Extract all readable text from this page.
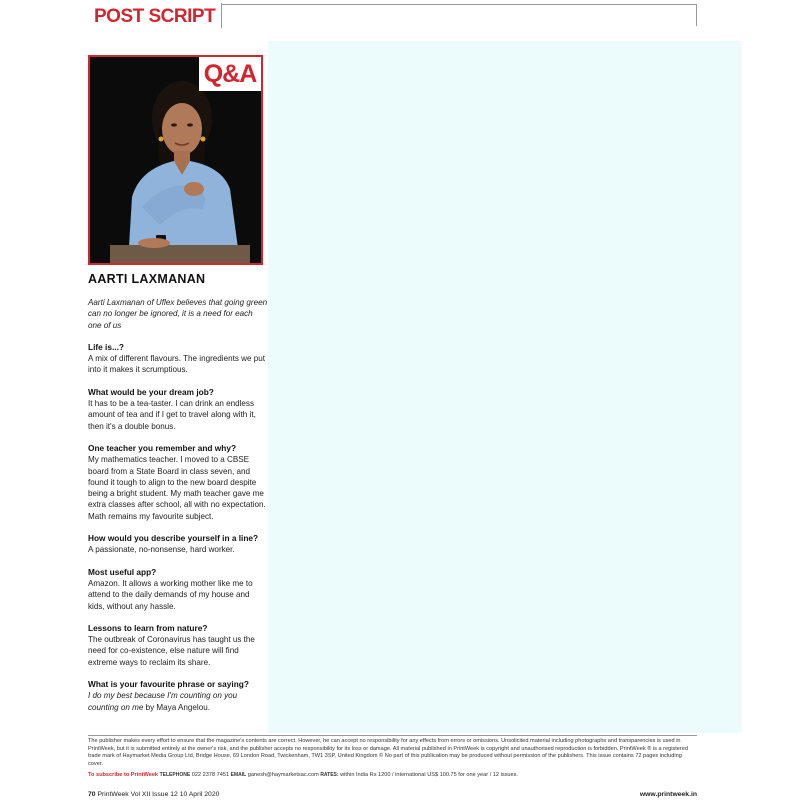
POST SCRIPT
Q&A
AARTI LAXMANAN

Aarti Laxmanan of Uflex believes that going green can no longer be ignored, it is a need for each one of us

Life is...?
A mix of different flavours. The ingredients we put into it makes it scrumptious.
What would be your dream job?
It has to be a tea-taster. I can drink an endless amount of tea and if I get to travel along with it, then it's a double bonus.
One teacher you remember and why?
My mathematics teacher. I moved to a CBSE board from a State Board in class seven, and found it tough to align to the new board despite being a bright student. My math teacher gave me extra classes after school, all with no expectation. Math remains my favourite subject.
How would you describe yourself in a line?
A passionate, no-nonsense, hard worker.
Most useful app?
Amazon. It allows a working mother like me to attend to the daily demands of my house and kids, without any hassle.
Lessons to learn from nature?
The outbreak of Coronavirus has taught us the need for co-existence, else nature will find extreme ways to reclaim its share.
What is your favourite phrase or saying?
I do my best because I'm counting on you counting on me by Maya Angelou.

The publisher makes every effort to ensure that the magazine's contents are correct. However, he can accept no responsibility for any effects from errors or omissions. Unsolicited material including photographs and transparencies is used in PrintWeek, but it is submitted entirely at the owner's risk, and the publisher accepts no responsibility for its loss or damage. All material published in PrintWeek is copyright and unauthorised reproduction is forbidden. PrintWeek ® is a registered trade mark of Haymarket Media Group Ltd, Bridge House, 69 London Road, Twickenham, TW1 3SP, United Kingdom © No part of this publication may be produced without permission of the publishers. This issue contains 72 pages including cover.

To subscribe to PrintWeek TELEPHONE 022 2378 7451 EMAIL ganesh@haymarketsac.com RATES: within India Rs 1200 / international US$ 100.75 for one year / 12 issues.

70 PrintWeek Vol XII Issue 12 10 April 2020	www.printweek.in
